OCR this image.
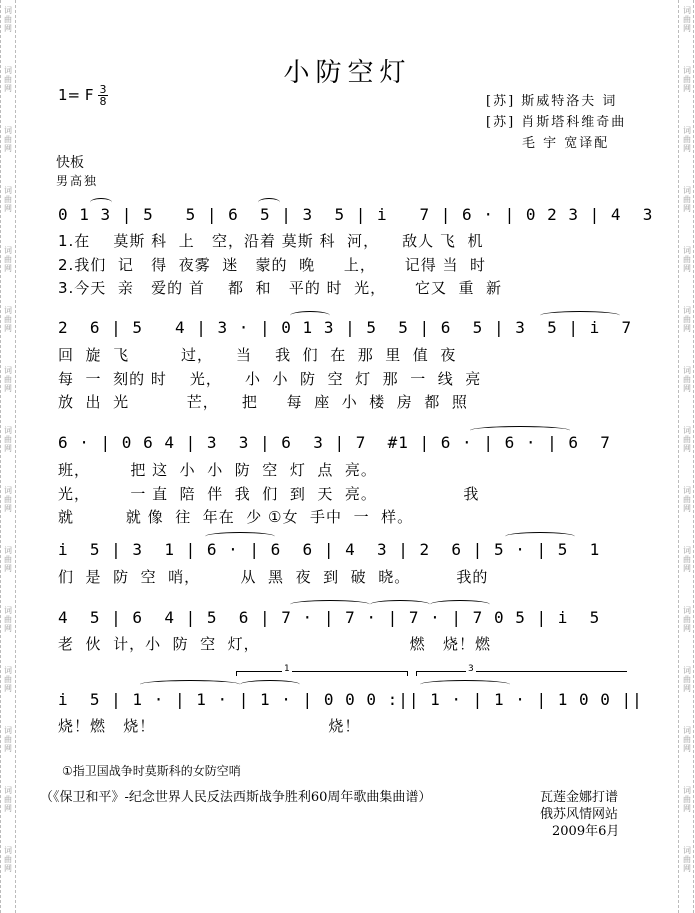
词
曲
网
词
曲
网
词
曲
网
词
曲
网
词
曲
网
词
曲
网
词
曲
网
词
曲
网
词
曲
网
词
曲
网
词
曲
网
词
曲
网
词
曲
网
词
曲
网
词
曲
网
词
曲
网
词
曲
网
词
曲
网
词
曲
网
词
曲
网
词
曲
网
词
曲
网
词
曲
网
词
曲
网
词
曲
网
词
曲
网
词
曲
网
词
曲
网
词
曲
网
词
曲
网
小防空灯
1= F $\frac{3}{8}$	[苏] 斯威特洛夫 词
[苏] 肖斯塔科维奇曲
毛 宇 宽译配
快板
男高独
0 1 3 | 5   5 | 6  5 | 3  5 | i   7 | 6 · | 0 2 3 | 4  3
1.在    莫斯 科  上   空，沿着 莫斯 科  河，    敌人 飞  机
2.我们  记   得  夜雾  迷   蒙的  晚     上，     记得 当  时
3.今天  亲   爱的 首    都  和   平的 时  光，     它又  重  新
2  6 | 5   4 | 3 · | 0 1 3 | 5  5 | 6  5 | 3  5 | i  7
回  旋  飞         过，    当    我  们  在  那  里  值  夜
每  一  刻的 时    光，    小  小  防  空  灯  那  一  线  亮
放  出  光          芒，    把     每  座  小  楼  房  都  照
6 · | 0 6 4 | 3  3 | 6  3 | 7  #1 | 6 · | 6 · | 6  7
班，       把 这  小  小  防  空  灯  点  亮。
光，       一 直  陪  伴  我  们  到  天  亮。               我
就         就 像  往  年在  少 ①女  手中  一  样。
i  5 | 3  1 | 6 · | 6  6 | 4  3 | 2  6 | 5 · | 5  1
们  是  防  空  哨，       从  黑  夜  到  破  晓。        我的
4  5 | 6  4 | 5  6 | 7 · | 7 · | 7 · | 7 0 5 | i  5
老  伙  计，小  防  空  灯，                          燃   烧！燃
1	3
i  5 | 1 · | 1 · | 1 · | 0 0 0 :|| 1 · | 1 · | 1 0 0 ||
烧！燃   烧！                              烧！
①指卫国战争时莫斯科的女防空哨
（《保卫和平》-纪念世界人民反法西斯战争胜利60周年歌曲集曲谱）	瓦莲金娜打谱
俄苏风情网站
2009年6月
